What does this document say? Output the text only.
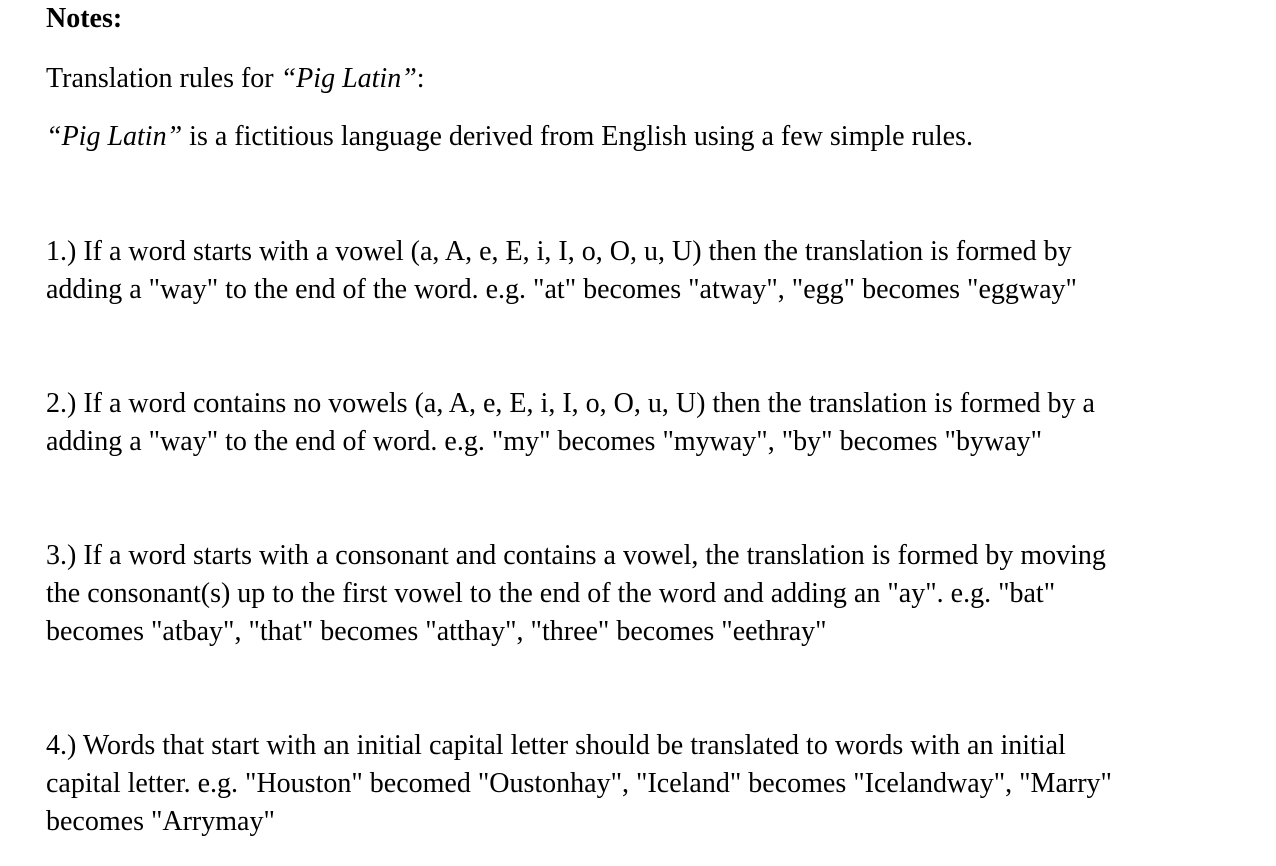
Notes:
Translation rules for “Pig Latin”:
“Pig Latin” is a fictitious language derived from English using a few simple rules.
1.) If a word starts with a vowel (a, A, e, E, i, I, o, O, u, U) then the translation is formed by
adding a "way" to the end of the word. e.g. "at" becomes "atway", "egg" becomes "eggway"
2.) If a word contains no vowels (a, A, e, E, i, I, o, O, u, U) then the translation is formed by a
adding a "way" to the end of word. e.g. "my" becomes "myway", "by" becomes "byway"
3.) If a word starts with a consonant and contains a vowel, the translation is formed by moving
the consonant(s) up to the first vowel to the end of the word and adding an "ay". e.g. "bat"
becomes "atbay", "that" becomes "atthay", "three" becomes "eethray"
4.) Words that start with an initial capital letter should be translated to words with an initial
capital letter. e.g. "Houston" becomed "Oustonhay", "Iceland" becomes "Icelandway", "Marry"
becomes "Arrymay"
